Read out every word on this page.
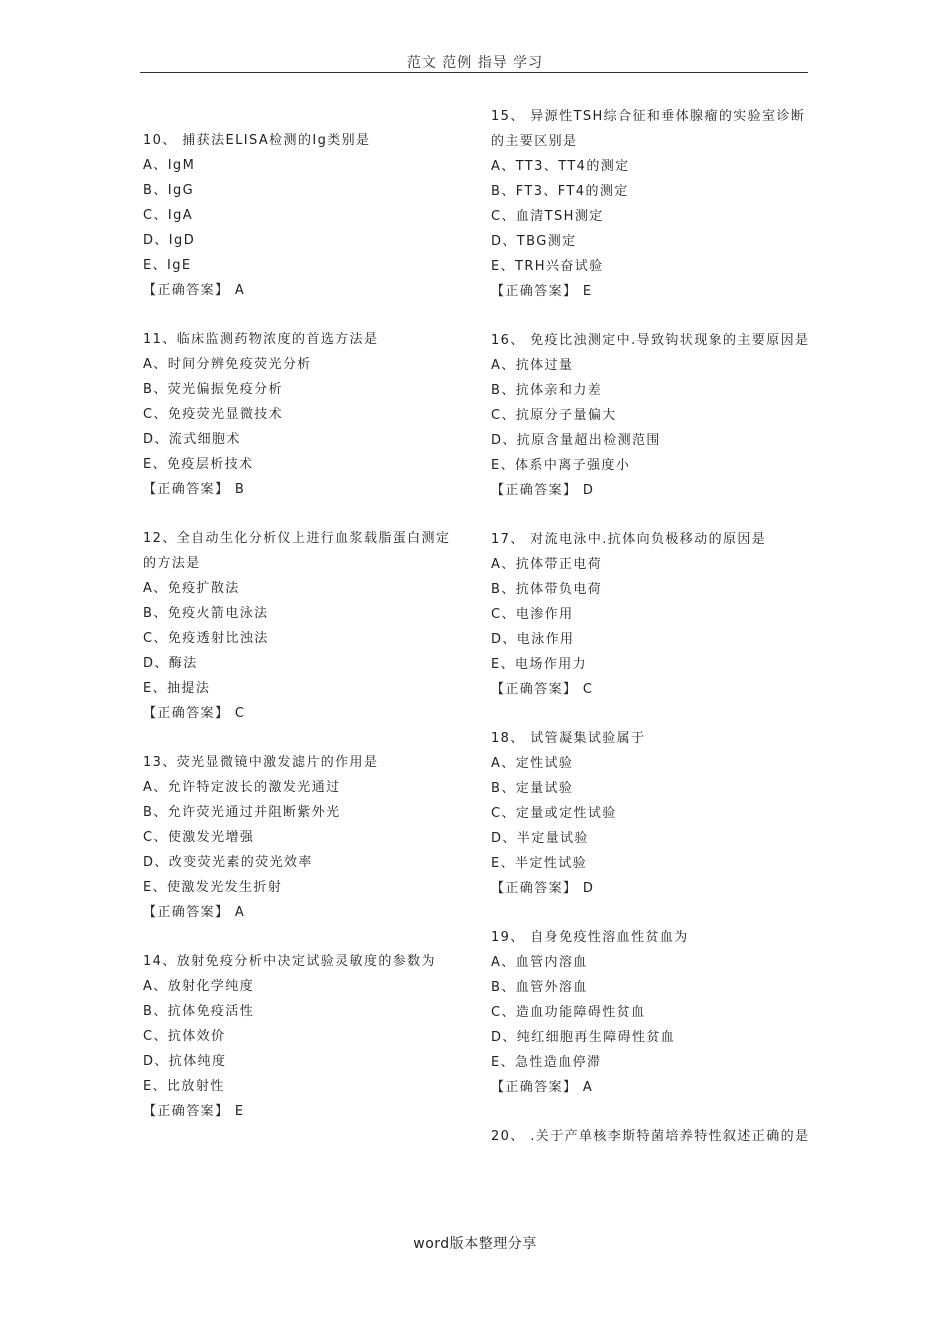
范文 范例 指导 学习
10、 捕获法ELISA检测的Ig类别是
A、IgM
B、IgG
C、IgA
D、IgD
E、IgE
【正确答案】 A
11、临床监测药物浓度的首选方法是
A、时间分辨免疫荧光分析
B、荧光偏振免疫分析
C、免疫荧光显微技术
D、流式细胞术
E、免疫层析技术
【正确答案】 B
12、全自动生化分析仪上进行血浆载脂蛋白测定的方法是
A、免疫扩散法
B、免疫火箭电泳法
C、免疫透射比浊法
D、酶法
E、抽提法
【正确答案】 C
13、荧光显微镜中激发滤片的作用是
A、允许特定波长的激发光通过
B、允许荧光通过并阻断紫外光
C、使激发光增强
D、改变荧光素的荧光效率
E、使激发光发生折射
【正确答案】 A
14、放射免疫分析中决定试验灵敏度的参数为
A、放射化学纯度
B、抗体免疫活性
C、抗体效价
D、抗体纯度
E、比放射性
【正确答案】 E
15、 异源性TSH综合征和垂体腺瘤的实验室诊断的主要区别是
A、TT3、TT4的测定
B、FT3、FT4的测定
C、血清TSH测定
D、TBG测定
E、TRH兴奋试验
【正确答案】 E
16、 免疫比浊测定中.导致钩状现象的主要原因是
A、抗体过量
B、抗体亲和力差
C、抗原分子量偏大
D、抗原含量超出检测范围
E、体系中离子强度小
【正确答案】 D
17、 对流电泳中.抗体向负极移动的原因是
A、抗体带正电荷
B、抗体带负电荷
C、电渗作用
D、电泳作用
E、电场作用力
【正确答案】 C
18、 试管凝集试验属于
A、定性试验
B、定量试验
C、定量或定性试验
D、半定量试验
E、半定性试验
【正确答案】 D
19、 自身免疫性溶血性贫血为
A、血管内溶血
B、血管外溶血
C、造血功能障碍性贫血
D、纯红细胞再生障碍性贫血
E、急性造血停滞
【正确答案】 A
20、 .关于产单核李斯特菌培养特性叙述正确的是
word版本整理分享
